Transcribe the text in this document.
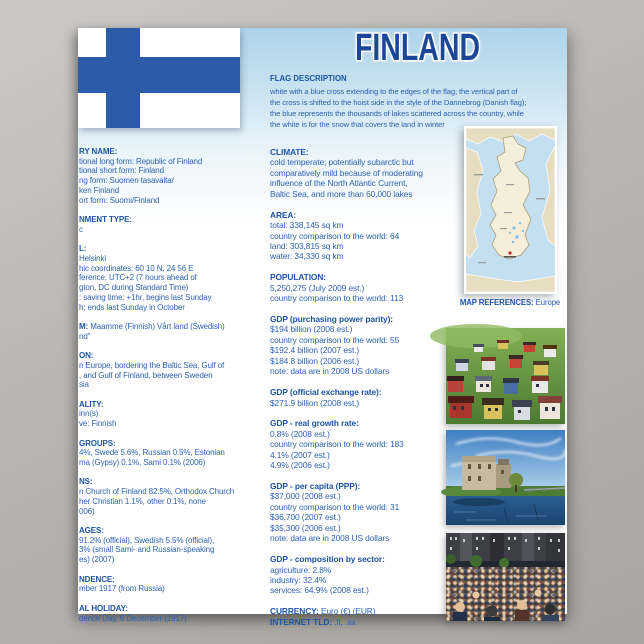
FINLAND
FLAG DESCRIPTION
white with a blue cross extending to the edges of the flag; the vertical part of
the cross is shifted to the hoist side in the style of the Dannebrog (Danish flag);
the blue represents the thousands of lakes scattered across the country, while
the white is for the snow that covers the land in winter
RY NAME:
tional long form: Republic of Finland
tional short form: Finland
ng form: Suomen tasavalta/
ken Finland
ort form: Suomi/Finland

NMENT TYPE:
c

L:
Helsinki
hic coordinates: 60 10 N, 24 56 E
ference: UTC+2 (7 hours ahead of
gton, DC during Standard Time)
: saving time: +1hr, begins last Sunday
h; ends last Sunday in October

M: Maamme (Finnish) Vårt land (Swedish)
nd"

ON:
n Europe, bordering the Baltic Sea, Gulf of
, and Gulf of Finland, between Sweden
sia

ALITY:
inn(s)
ve: Finnish

GROUPS:
4%, Swede 5.6%, Russian 0.5%, Estonian
ma (Gypsy) 0.1%, Sami 0.1% (2006)

NS:
n Church of Finland 82.5%, Orthodox Church
her Christian 1.1%, other 0.1%, none
006)

AGES:
91.2% (official), Swedish 5.5% (official),
3% (small Sami- and Russian-speaking
es) (2007)

NDENCE:
mber 1917 (from Russia)

AL HOLIDAY:
dence Day, 6 December (1917)
CLIMATE:
cold temperate; potentially subarctic but
comparatively mild because of moderating
influence of the North Atlantic Current,
Baltic Sea, and more than 60,000 lakes

AREA:
total: 338,145 sq km
country comparison to the world: 64
land: 303,815 sq km
water: 34,330 sq km

POPULATION:
5,250,275 (July 2009 est.)
country comparison to the world: 113

GDP (purchasing power parity):
$194 billion (2008 est.)
country comparison to the world: 55
$192.4 billion (2007 est.)
$184.8 billion (2006 est.)
note: data are in 2008 US dollars

GDP (official exchange rate):
$271.9 billion (2008 est.)

GDP - real growth rate:
0.8% (2008 est.)
country comparison to the world: 183
4.1% (2007 est.)
4.9% (2006 est.)

GDP - per capita (PPP):
$37,000 (2008 est.)
country comparison to the world: 31
$36,700 (2007 est.)
$35,300 (2006 est.)
note: data are in 2008 US dollars

GDP - composition by sector:
agriculture: 2.8%
industry: 32.4%
services: 64.9% (2008 est.)

CURRENCY: Euro (€) (EUR)
INTERNET TLD: .fi, .ax
MAP REFERENCES: Europe
